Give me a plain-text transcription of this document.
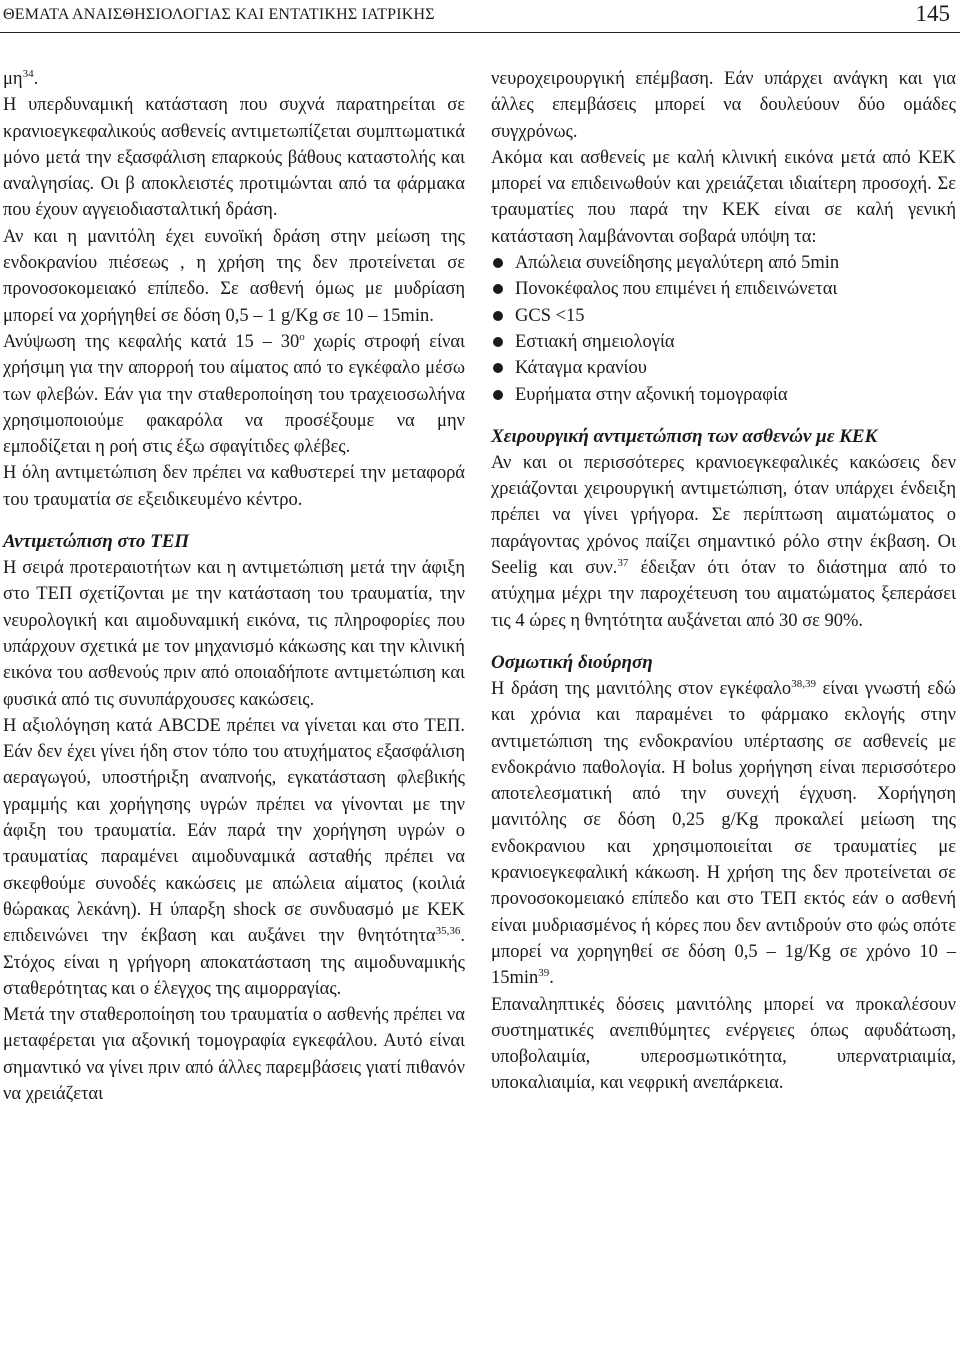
ΘΕΜΑΤΑ ΑΝΑΙΣΘΗΣΙΟΛΟΓΙΑΣ ΚΑΙ ΕΝΤΑΤΙΚΗΣ ΙΑΤΡΙΚΗΣ	145

$\mu\eta^{34}$.

Η υπερδυναμική κατάσταση που συχνά παρατηρείται σε κρανιοεγκεφαλικούς ασθενείς αντιμετωπίζεται συμπτωματικά μόνο μετά την εξασφάλιση επαρκούς βάθους καταστολής και αναλγησίας. Οι β αποκλειστές προτιμώνται από τα φάρμακα που έχουν αγγειοδιασταλτική δράση.

Αν και η μανιτόλη έχει ευνοϊκή δράση στην μείωση της ενδοκρανίου πιέσεως , η χρήση της δεν προτείνεται σε προνοσοκομειακό επίπεδο. Σε ασθενή όμως με μυδρίαση μπορεί να χορήγηθεί σε δόση 0,5 – 1 g/Kg σε 10 – 15min.

Ανύψωση της κεφαλής κατά $15 - 30^o$ χωρίς στροφή είναι χρήσιμη για την απορροή του αίματος από το εγκέφαλο μέσω των φλεβών. Εάν για την σταθεροποίηση του τραχειοσωλήνα χρησιμοποιούμε φακαρόλα να προσέξουμε να μην εμποδίζεται η ροή στις έξω σφαγίτιδες φλέβες.

Η όλη αντιμετώπιση δεν πρέπει να καθυστερεί την μεταφορά του τραυματία σε εξειδικευμένο κέντρο.

Αντιμετώπιση στο ΤΕΠ

Η σειρά προτεραιοτήτων και η αντιμετώπιση μετά την άφιξη στο ΤΕΠ σχετίζονται με την κατάσταση του τραυματία, την νευρολογική και αιμοδυναμική εικόνα, τις πληροφορίες που υπάρχουν σχετικά με τον μηχανισμό κάκωσης και την κλινική εικόνα του ασθενούς πριν από οποιαδήποτε αντιμετώπιση και φυσικά από τις συνυπάρχουσες κακώσεις.

Η αξιολόγηση κατά ABCDE πρέπει να γίνεται και στο ΤΕΠ. Εάν δεν έχει γίνει ήδη στον τόπο του ατυχήματος εξασφάλιση αεραγωγού, υποστήριξη αναπνοής, εγκατάσταση φλεβικής γραμμής και χορήγησης υγρών πρέπει να γίνονται με την άφιξη του τραυματία. Εάν παρά την χορήγηση υγρών ο τραυματίας παραμένει αιμοδυναμικά ασταθής πρέπει να σκεφθούμε συνοδές κακώσεις με απώλεια αίματος (κοιλιά θώρακας λεκάνη). Η ύπαρξη shock σε συνδυασμό με ΚΕΚ επιδεινώνει την έκβαση και αυξάνει την θνητότητα$^{35,36}$. Στόχος είναι η γρήγορη αποκατάσταση της αιμοδυναμικής σταθερότητας και ο έλεγχος της αιμορραγίας.

Μετά την σταθεροποίηση του τραυματία ο ασθενής πρέπει να μεταφέρεται για αξονική τομογραφία εγκεφάλου. Αυτό είναι σημαντικό να γίνει πριν από άλλες παρεμβάσεις γιατί πιθανόν να χρειάζεται

νευροχειρουργική επέμβαση. Εάν υπάρχει ανάγκη και για άλλες επεμβάσεις μπορεί να δουλεύουν δύο ομάδες συγχρόνως.

Ακόμα και ασθενείς με καλή κλινική εικόνα μετά από ΚΕΚ μπορεί να επιδεινωθούν και χρειάζεται ιδιαίτερη προσοχή. Σε τραυματίες που παρά την ΚΕΚ είναι σε καλή γενική κατάσταση λαμβάνονται σοβαρά υπόψη τα:

Απώλεια συνείδησης μεγαλύτερη από 5min
Πονοκέφαλος που επιμένει ή επιδεινώνεται
GCS <15
Εστιακή σημειολογία
Κάταγμα κρανίου
Ευρήματα στην αξονική τομογραφία

Χειρουργική αντιμετώπιση των ασθενών με ΚΕΚ

Αν και οι περισσότερες κρανιοεγκεφαλικές κακώσεις δεν χρειάζονται χειρουργική αντιμετώπιση, όταν υπάρχει ένδειξη πρέπει να γίνει γρήγορα. Σε περίπτωση αιματώματος ο παράγοντας χρόνος παίζει σημαντικό ρόλο στην έκβαση. Οι Seelig και συν.$^{37}$ έδειξαν ότι όταν το διάστημα από το ατύχημα μέχρι την παροχέτευση του αιματώματος ξεπεράσει τις 4 ώρες η θνητότητα αυξάνεται από 30 σε 90%.

Οσμωτική διούρηση

Η δράση της μανιτόλης στον εγκέφαλο$^{38,39}$ είναι γνωστή εδώ και χρόνια και παραμένει το φάρμακο εκλογής στην αντιμετώπιση της ενδοκρανίου υπέρτασης σε ασθενείς με ενδοκράνιο παθολογία. Η bolus χορήγηση είναι περισσότερο αποτελεσματική από την συνεχή έγχυση. Χορήγηση μανιτόλης σε δόση 0,25 g/Kg προκαλεί μείωση της ενδοκρανιου και χρησιμοποιείται σε τραυματίες με κρανιοεγκεφαλική κάκωση. Η χρήση της δεν προτείνεται σε προνοσοκομειακό επίπεδο και στο ΤΕΠ εκτός εάν ο ασθενή είναι μυδριασμένος ή κόρες που δεν αντιδρούν στο φώς οπότε μπορεί να χορηγηθεί σε δόση 0,5 – 1g/Kg σε χρόνο $10 - 15\min^{39}$.

Επαναληπτικές δόσεις μανιτόλης μπορεί να προκαλέσουν συστηματικές ανεπιθύμητες ενέργειες όπως αφυδάτωση, υποβολαιμία, υπεροσμωτικότητα, υπερνατριαιμία, υποκαλιαιμία, και νεφρική ανεπάρκεια.
